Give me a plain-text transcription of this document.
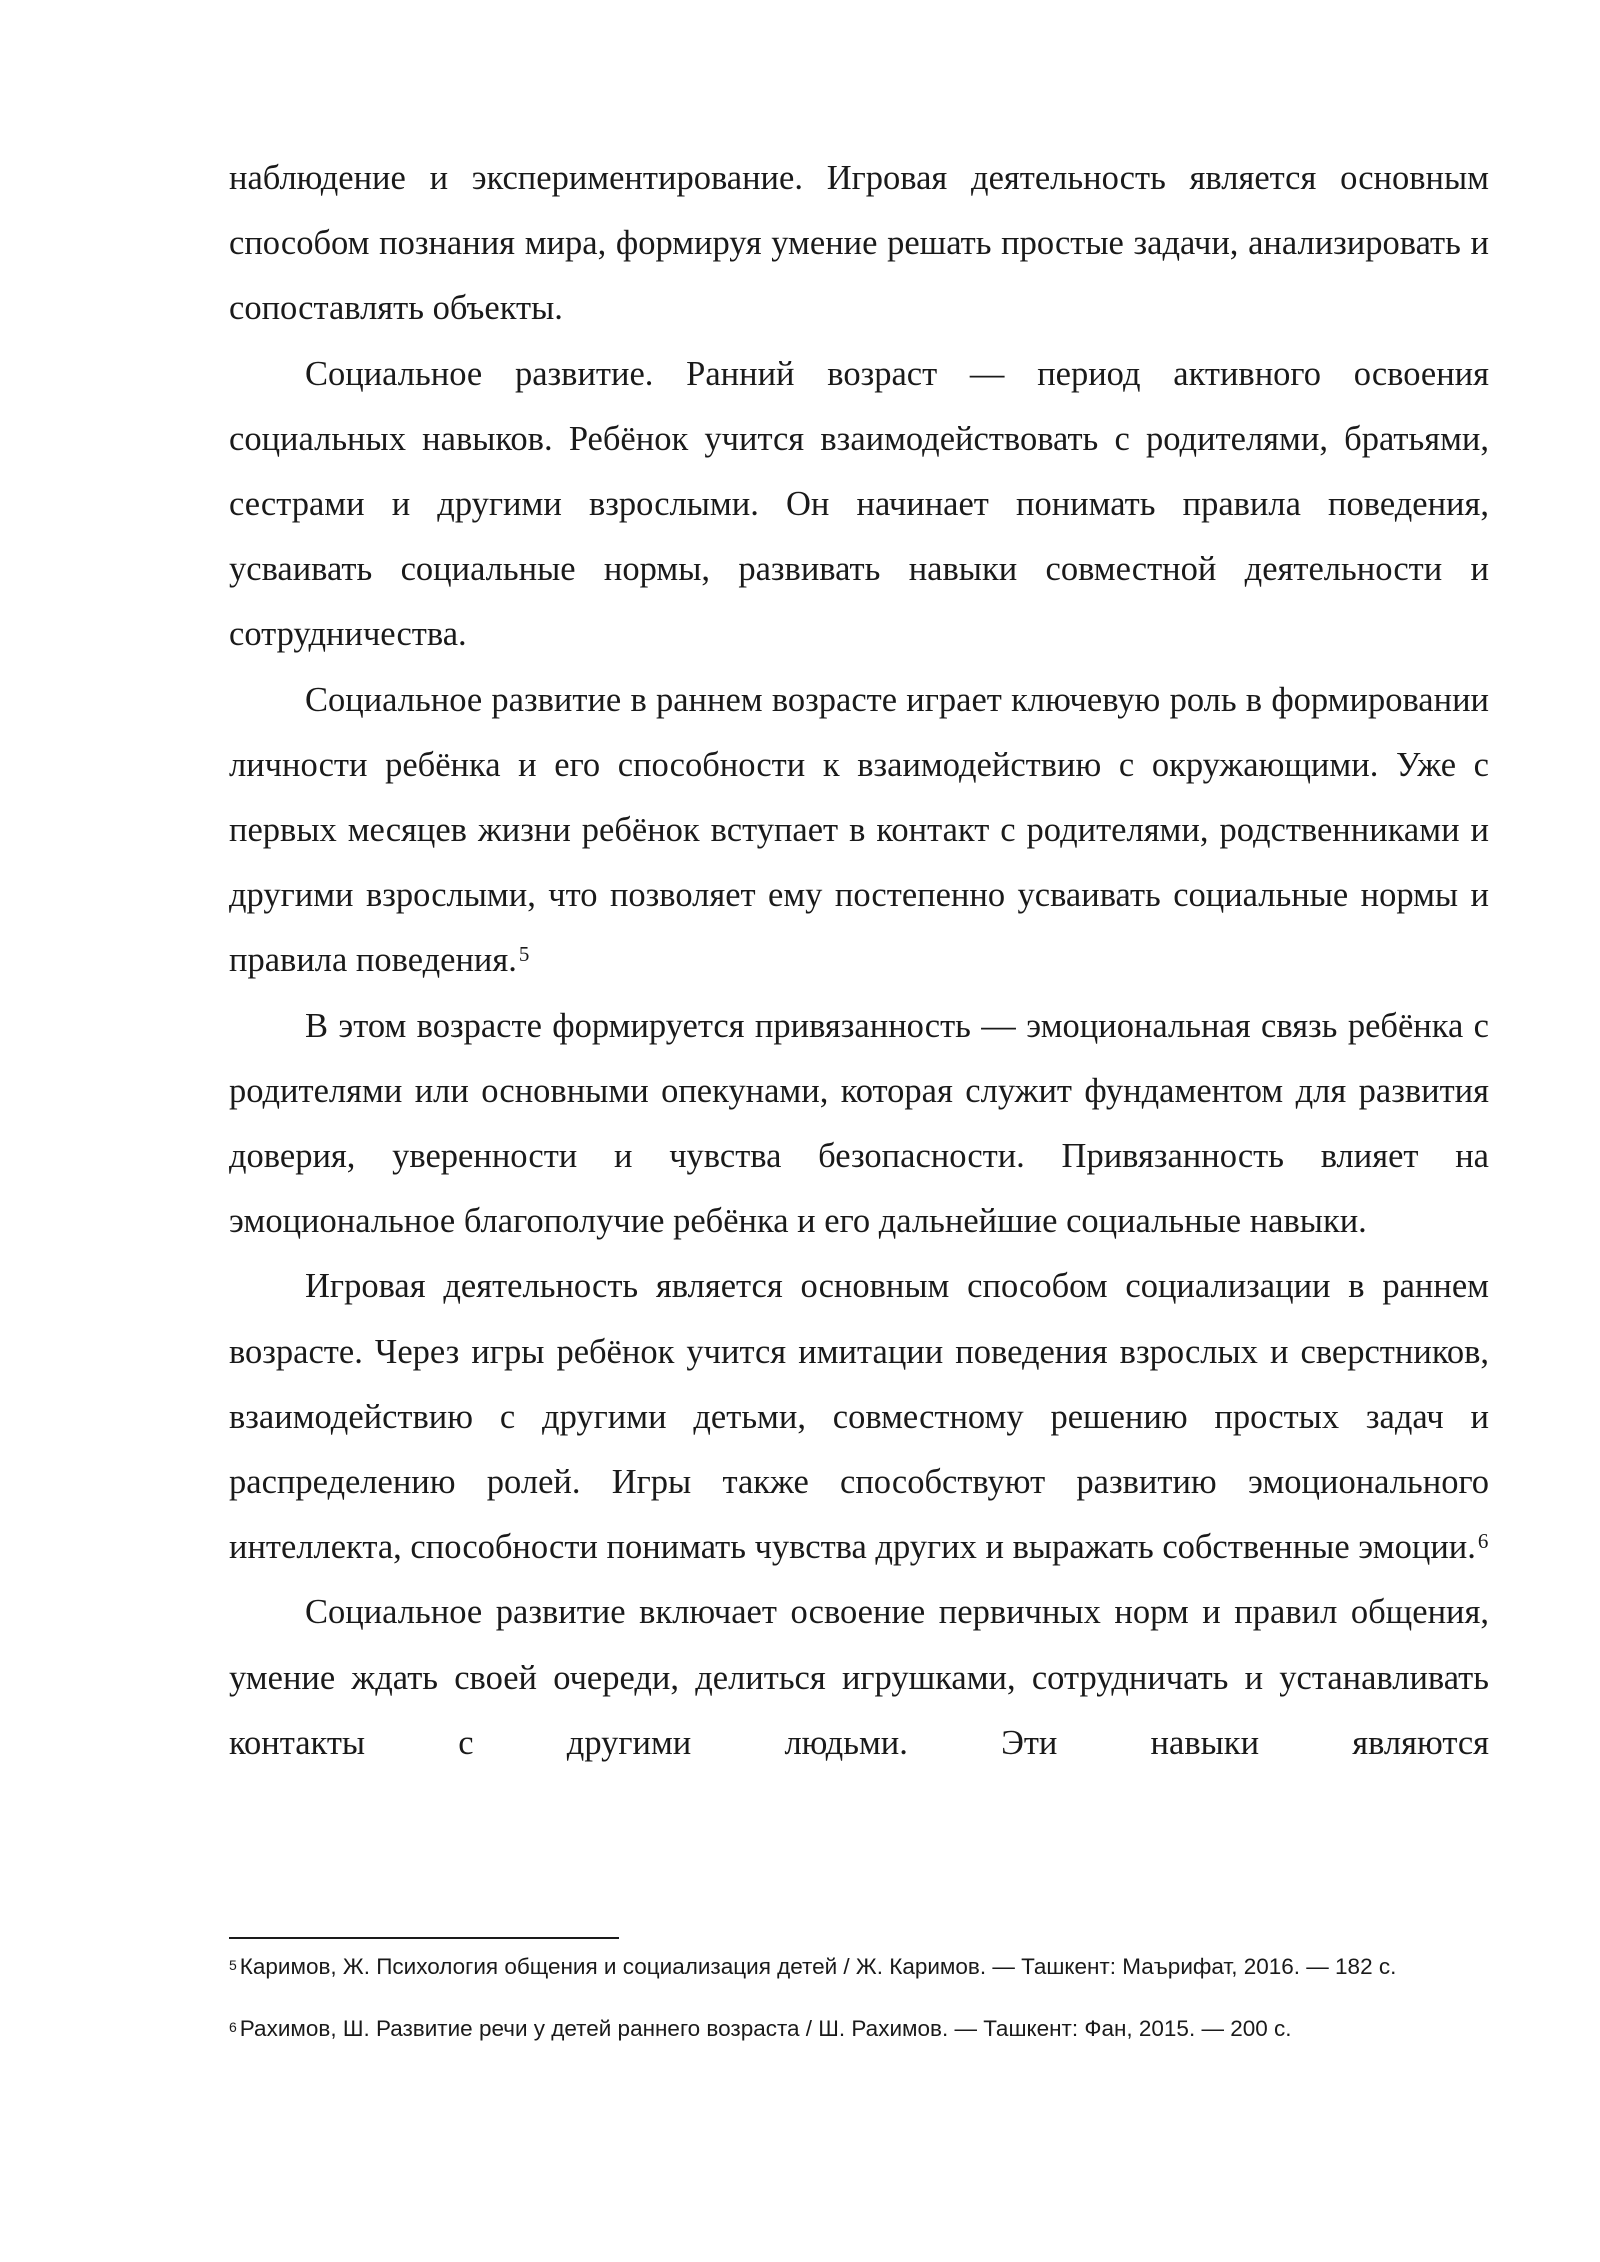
наблюдение и экспериментирование. Игровая деятельность является основным способом познания мира, формируя умение решать простые задачи, анализировать и сопоставлять объекты.

Социальное развитие. Ранний возраст — период активного освоения социальных навыков. Ребёнок учится взаимодействовать с родителями, братьями, сестрами и другими взрослыми. Он начинает понимать правила поведения, усваивать социальные нормы, развивать навыки совместной деятельности и сотрудничества.

Социальное развитие в раннем возрасте играет ключевую роль в формировании личности ребёнка и его способности к взаимодействию с окружающими. Уже с первых месяцев жизни ребёнок вступает в контакт с родителями, родственниками и другими взрослыми, что позволяет ему постепенно усваивать социальные нормы и правила поведения.$^5$

В этом возрасте формируется привязанность — эмоциональная связь ребёнка с родителями или основными опекунами, которая служит фундаментом для развития доверия, уверенности и чувства безопасности. Привязанность влияет на эмоциональное благополучие ребёнка и его дальнейшие социальные навыки.

Игровая деятельность является основным способом социализации в раннем возрасте. Через игры ребёнок учится имитации поведения взрослых и сверстников, взаимодействию с другими детьми, совместному решению простых задач и распределению ролей. Игры также способствуют развитию эмоционального интеллекта, способности понимать чувства других и выражать собственные эмоции.$^6$

Социальное развитие включает освоение первичных норм и правил общения, умение ждать своей очереди, делиться игрушками, сотрудничать и устанавливать контакты с другими людьми. Эти навыки являются

$^5$ Каримов, Ж. Психология общения и социализация детей / Ж. Каримов. — Ташкент: Маърифат, 2016. — 182 с.

$^6$ Рахимов, Ш. Развитие речи у детей раннего возраста / Ш. Рахимов. — Ташкент: Фан, 2015. — 200 с.
